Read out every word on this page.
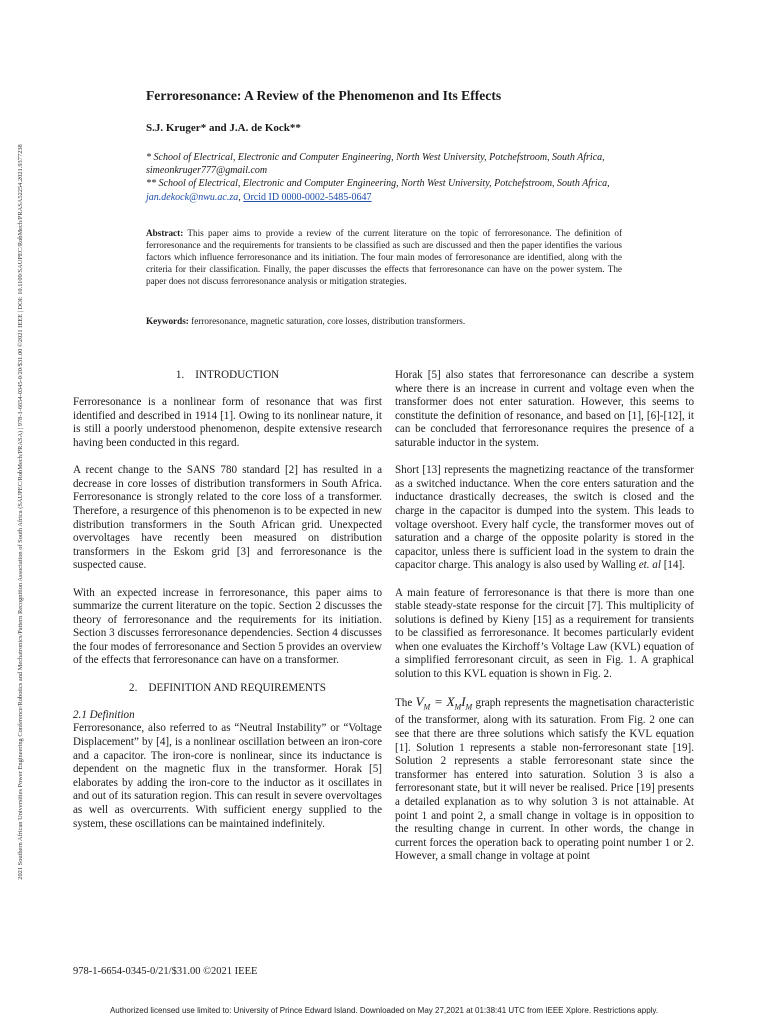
2021 Southern African Universities Power Engineering Conference/Robotics and Mechatronics/Pattern Recognition Association of South Africa (SAUPEC/RobMech/PRASA) | 978-1-6654-0345-0/20/$31.00 ©2021 IEEE | DOI: 10.1109/SAUPEC/RobMech/PRASA52254.2021.9377238
Ferroresonance: A Review of the Phenomenon and Its Effects
S.J. Kruger* and J.A. de Kock**
* School of Electrical, Electronic and Computer Engineering, North West University, Potchefstroom, South Africa, simeonkruger777@gmail.com
** School of Electrical, Electronic and Computer Engineering, North West University, Potchefstroom, South Africa, jan.dekock@nwu.ac.za, Orcid ID 0000-0002-5485-0647
Abstract: This paper aims to provide a review of the current literature on the topic of ferroresonance. The definition of ferroresonance and the requirements for transients to be classified as such are discussed and then the paper identifies the various factors which influence ferroresonance and its initiation. The four main modes of ferroresonance are identified, along with the criteria for their classification. Finally, the paper discusses the effects that ferroresonance can have on the power system. The paper does not discuss ferroresonance analysis or mitigation strategies.
Keywords: ferroresonance, magnetic saturation, core losses, distribution transformers.
1.    INTRODUCTION

Ferroresonance is a nonlinear form of resonance that was first identified and described in 1914 [1]. Owing to its nonlinear nature, it is still a poorly understood phenomenon, despite extensive research having been conducted in this regard.

A recent change to the SANS 780 standard [2] has resulted in a decrease in core losses of distribution transformers in South Africa. Ferroresonance is strongly related to the core loss of a transformer. Therefore, a resurgence of this phenomenon is to be expected in new distribution transformers in the South African grid. Unexpected overvoltages have recently been measured on distribution transformers in the Eskom grid [3] and ferroresonance is the suspected cause.

With an expected increase in ferroresonance, this paper aims to summarize the current literature on the topic. Section 2 discusses the theory of ferroresonance and the requirements for its initiation. Section 3 discusses ferroresonance dependencies. Section 4 discusses the four modes of ferroresonance and Section 5 provides an overview of the effects that ferroresonance can have on a transformer.

2.    DEFINITION AND REQUIREMENTS
2.1 Definition

Ferroresonance, also referred to as “Neutral Instability” or “Voltage Displacement” by [4], is a nonlinear oscillation between an iron-core and a capacitor. The iron-core is nonlinear, since its inductance is dependent on the magnetic flux in the transformer. Horak [5] elaborates by adding the iron-core to the inductor as it oscillates in and out of its saturation region. This can result in severe overvoltages as well as overcurrents. With sufficient energy supplied to the system, these oscillations can be maintained indefinitely.

Horak [5] also states that ferroresonance can describe a system where there is an increase in current and voltage even when the transformer does not enter saturation. However, this seems to constitute the definition of resonance, and based on [1], [6]-[12], it can be concluded that ferroresonance requires the presence of a saturable inductor in the system.

Short [13] represents the magnetizing reactance of the transformer as a switched inductance. When the core enters saturation and the inductance drastically decreases, the switch is closed and the charge in the capacitor is dumped into the system. This leads to voltage overshoot. Every half cycle, the transformer moves out of saturation and a charge of the opposite polarity is stored in the capacitor, unless there is sufficient load in the system to drain the capacitor charge. This analogy is also used by Walling et. al [14].

A main feature of ferroresonance is that there is more than one stable steady-state response for the circuit [7]. This multiplicity of solutions is defined by Kieny [15] as a requirement for transients to be classified as ferroresonance. It becomes particularly evident when one evaluates the Kirchoff’s Voltage Law (KVL) equation of a simplified ferroresonant circuit, as seen in Fig. 1. A graphical solution to this KVL equation is shown in Fig. 2.

The $V_M = X_MI_M$ graph represents the magnetisation characteristic of the transformer, along with its saturation. From Fig. 2 one can see that there are three solutions which satisfy the KVL equation [1]. Solution 1 represents a stable non-ferroresonant state [19]. Solution 2 represents a stable ferroresonant state since the transformer has entered into saturation. Solution 3 is also a ferroresonant state, but it will never be realised. Price [19] presents a detailed explanation as to why solution 3 is not attainable. At point 1 and point 2, a small change in voltage is in opposition to the resulting change in current. In other words, the change in current forces the operation back to operating point number 1 or 2. However, a small change in voltage at point

978-1-6654-0345-0/21/$31.00 ©2021 IEEE
Authorized licensed use limited to: University of Prince Edward Island. Downloaded on May 27,2021 at 01:38:41 UTC from IEEE Xplore. Restrictions apply.
